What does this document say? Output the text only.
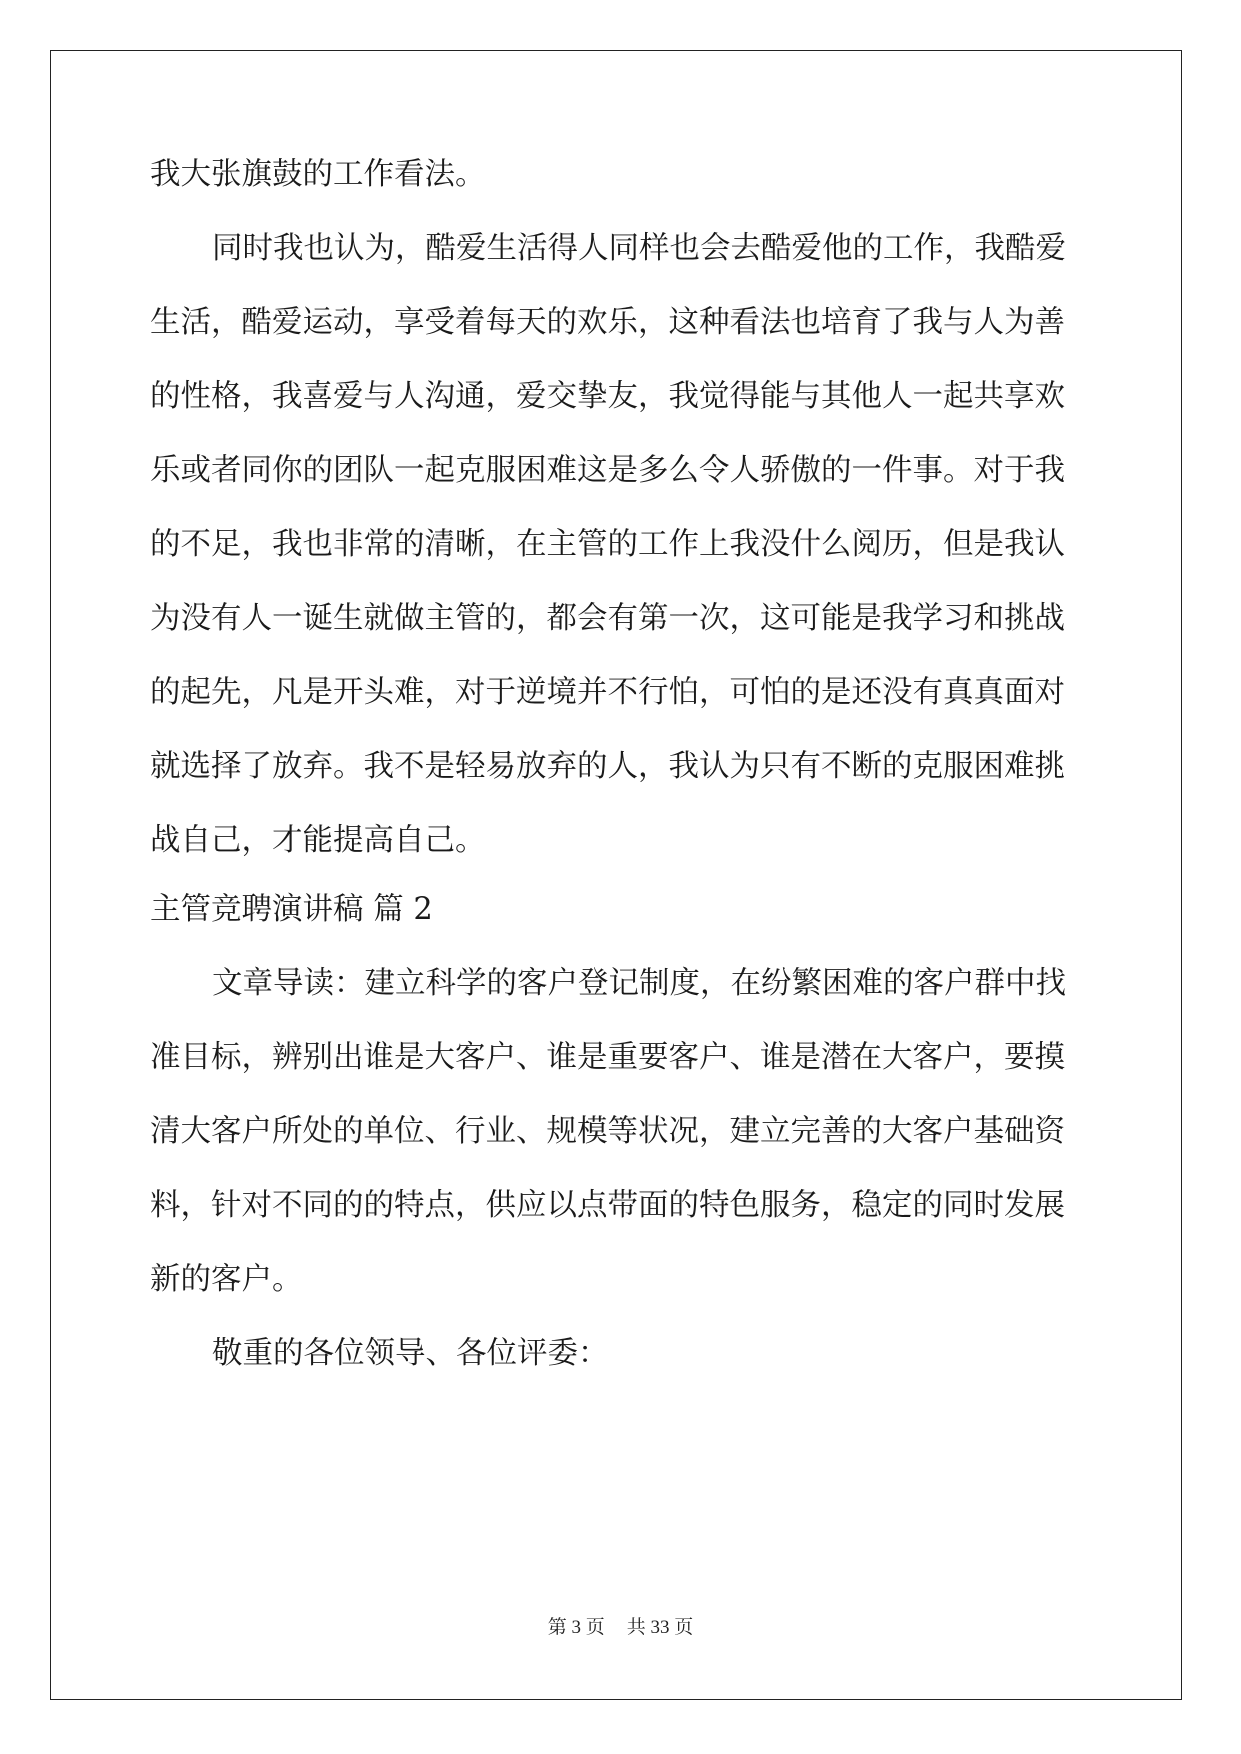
我大张旗鼓的工作看法。
同时我也认为，酷爱生活得人同样也会去酷爱他的工作，我酷爱
生活，酷爱运动，享受着每天的欢乐，这种看法也培育了我与人为善
的性格，我喜爱与人沟通，爱交挚友，我觉得能与其他人一起共享欢
乐或者同你的团队一起克服困难这是多么令人骄傲的一件事。对于我
的不足，我也非常的清晰，在主管的工作上我没什么阅历，但是我认
为没有人一诞生就做主管的，都会有第一次，这可能是我学习和挑战
的起先，凡是开头难，对于逆境并不行怕，可怕的是还没有真真面对
就选择了放弃。我不是轻易放弃的人，我认为只有不断的克服困难挑
战自己，才能提高自己。
主管竞聘演讲稿 篇 2
文章导读：建立科学的客户登记制度，在纷繁困难的客户群中找
准目标，辨别出谁是大客户、谁是重要客户、谁是潜在大客户，要摸
清大客户所处的单位、行业、规模等状况，建立完善的大客户基础资
料，针对不同的的特点，供应以点带面的特色服务，稳定的同时发展
新的客户。
敬重的各位领导、各位评委：
第 3 页 共 33 页
